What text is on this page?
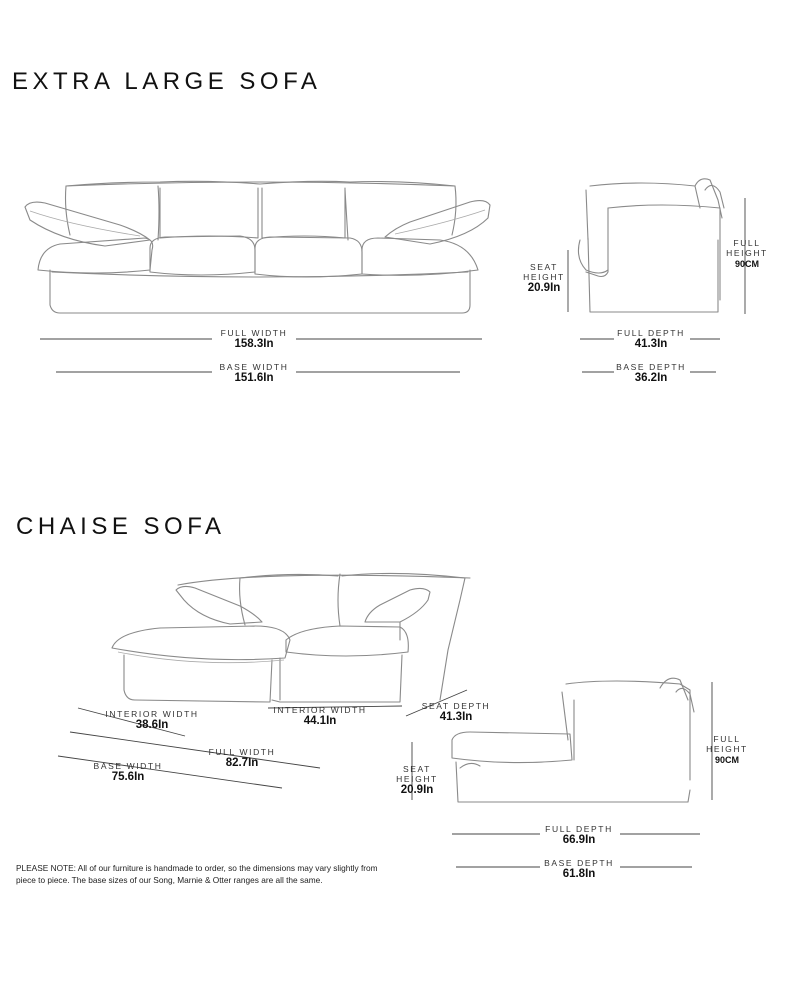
EXTRA LARGE SOFA
CHAISE SOFA
FULL WIDTH
158.3In
BASE WIDTH
151.6In
SEAT HEIGHT
20.9In
FULL HEIGHT
90CM
FULL DEPTH
41.3In
BASE DEPTH
36.2In
INTERIOR WIDTH
38.6In
INTERIOR WIDTH
44.1In
SEAT DEPTH
41.3In
FULL WIDTH
82.7In
BASE WIDTH
75.6In
SEAT HEIGHT
20.9In
FULL HEIGHT
90CM
FULL DEPTH
66.9In
BASE DEPTH
61.8In
PLEASE NOTE: All of our furniture is handmade to order, so the dimensions may vary slightly from piece to piece. The base sizes of our Song, Marnie & Otter ranges are all the same.
